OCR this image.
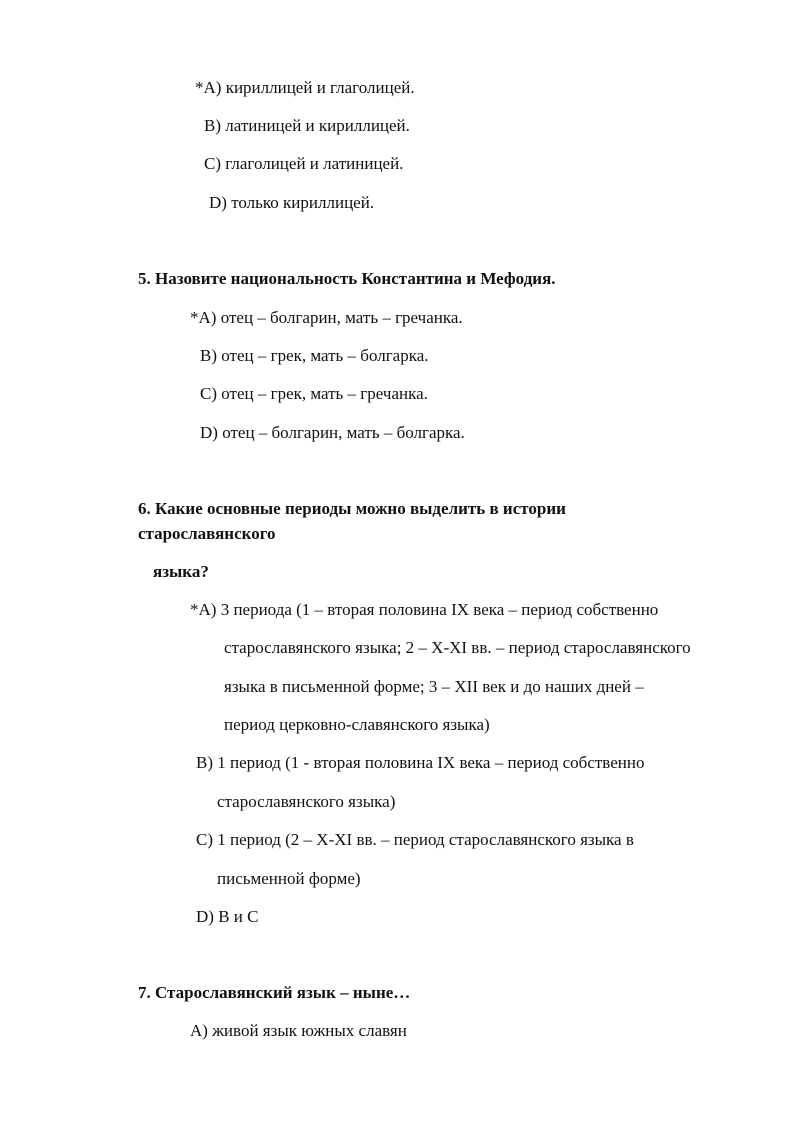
*A) кириллицей и глаголицей.
B) латиницей и кириллицей.
C) глаголицей и латиницей.
D) только кириллицей.
5. Назовите национальность Константина и Мефодия.
*A) отец – болгарин, мать – гречанка.
B) отец – грек, мать – болгарка.
C) отец – грек, мать – гречанка.
D) отец – болгарин, мать – болгарка.
6. Какие основные периоды можно выделить в истории
старославянского
языка?
*A) 3 периода (1 – вторая половина IX века – период собственно
старославянского языка; 2 – X-XI вв. – период старославянского
языка в письменной форме; 3 – XII век и до наших дней –
период церковно-славянского языка)
B) 1 период (1 - вторая половина IX века – период собственно
старославянского языка)
C) 1 период (2 – X-XI вв. – период старославянского языка в
письменной форме)
D) B и C
7. Старославянский язык – ныне…
A) живой язык южных славян
